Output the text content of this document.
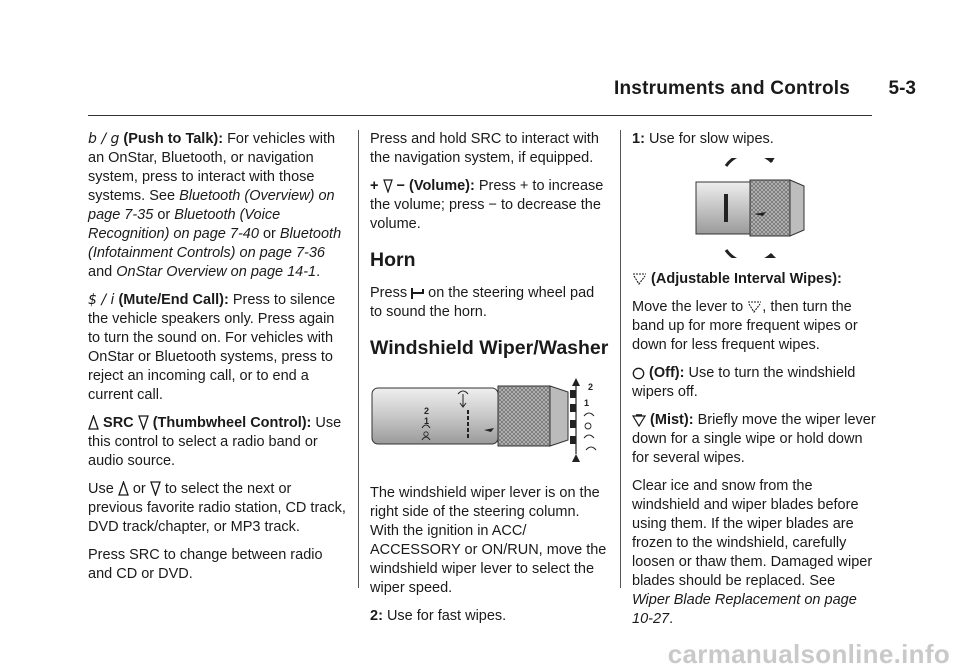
Instruments and Controls 5-3

b / g (Push to Talk): For vehicles with an OnStar, Bluetooth, or navigation system, press to interact with those systems. See Bluetooth (Overview) on page 7-35 or Bluetooth (Voice Recognition) on page 7-40 or Bluetooth (Infotainment Controls) on page 7-36 and OnStar Overview on page 14-1.

$ / i (Mute/End Call): Press to silence the vehicle speakers only. Press again to turn the sound on. For vehicles with OnStar or Bluetooth systems, press to reject an incoming call, or to end a current call.

SRC (Thumbwheel Control): Use this control to select a radio band or audio source.

Use or to select the next or previous favorite radio station, CD track, DVD track/chapter, or MP3 track.

Press SRC to change between radio and CD or DVD.

Press and hold SRC to interact with the navigation system, if equipped.

+ − (Volume): Press + to increase the volume; press − to decrease the volume.

Horn

Press on the steering wheel pad to sound the horn.

Windshield Wiper/Washer
2
1
2
1

The windshield wiper lever is on the right side of the steering column. With the ignition in ACC/ ACCESSORY or ON/RUN, move the windshield wiper lever to select the wiper speed.

2: Use for fast wipes.

1: Use for slow wipes.

(Adjustable Interval Wipes):

Move the lever to , then turn the band up for more frequent wipes or down for less frequent wipes.

(Off): Use to turn the windshield wipers off.

(Mist): Briefly move the wiper lever down for a single wipe or hold down for several wipes.

Clear ice and snow from the windshield and wiper blades before using them. If the wiper blades are frozen to the windshield, carefully loosen or thaw them. Damaged wiper blades should be replaced. See Wiper Blade Replacement on page 10-27.

carmanualsonline.info
